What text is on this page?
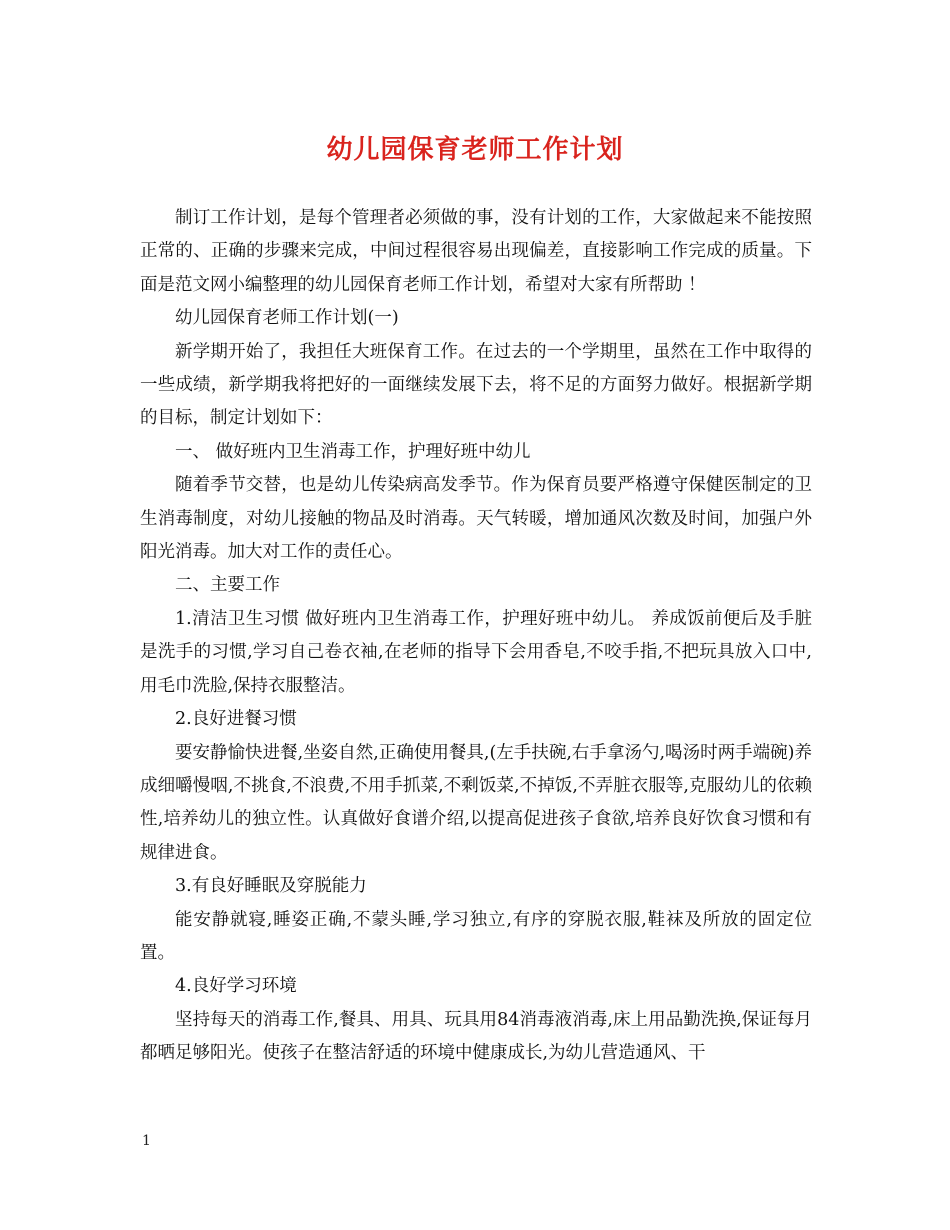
幼儿园保育老师工作计划

制订工作计划，是每个管理者必须做的事，没有计划的工作，大家做起来不能按照正常的、正确的步骤来完成，中间过程很容易出现偏差，直接影响工作完成的质量。下面是范文网小编整理的幼儿园保育老师工作计划，希望对大家有所帮助 ！

幼儿园保育老师工作计划(一)

新学期开始了，我担任大班保育工作。在过去的一个学期里，虽然在工作中取得的一些成绩，新学期我将把好的一面继续发展下去，将不足的方面努力做好。根据新学期的目标，制定计划如下：

一、 做好班内卫生消毒工作，护理好班中幼儿

随着季节交替，也是幼儿传染病高发季节。作为保育员要严格遵守保健医制定的卫生消毒制度，对幼儿接触的物品及时消毒。天气转暖，增加通风次数及时间，加强户外阳光消毒。加大对工作的责任心。

二、主要工作

1.清洁卫生习惯 做好班内卫生消毒工作，护理好班中幼儿。 养成饭前便后及手脏是洗手的习惯,学习自己卷衣袖,在老师的指导下会用香皂,不咬手指,不把玩具放入口中,用毛巾洗脸,保持衣服整洁。

2.良好进餐习惯

要安静愉快进餐,坐姿自然,正确使用餐具,(左手扶碗,右手拿汤勺,喝汤时两手端碗)养成细嚼慢咽,不挑食,不浪费,不用手抓菜,不剩饭菜,不掉饭,不弄脏衣服等,克服幼儿的依赖性,培养幼儿的独立性。认真做好食谱介绍,以提高促进孩子食欲,培养良好饮食习惯和有规律进食。

3.有良好睡眠及穿脱能力

能安静就寝,睡姿正确,不蒙头睡,学习独立,有序的穿脱衣服,鞋袜及所放的固定位置。

4.良好学习环境

坚持每天的消毒工作,餐具、用具、玩具用84消毒液消毒,床上用品勤洗换,保证每月都晒足够阳光。使孩子在整洁舒适的环境中健康成长,为幼儿营造通风、干

1
